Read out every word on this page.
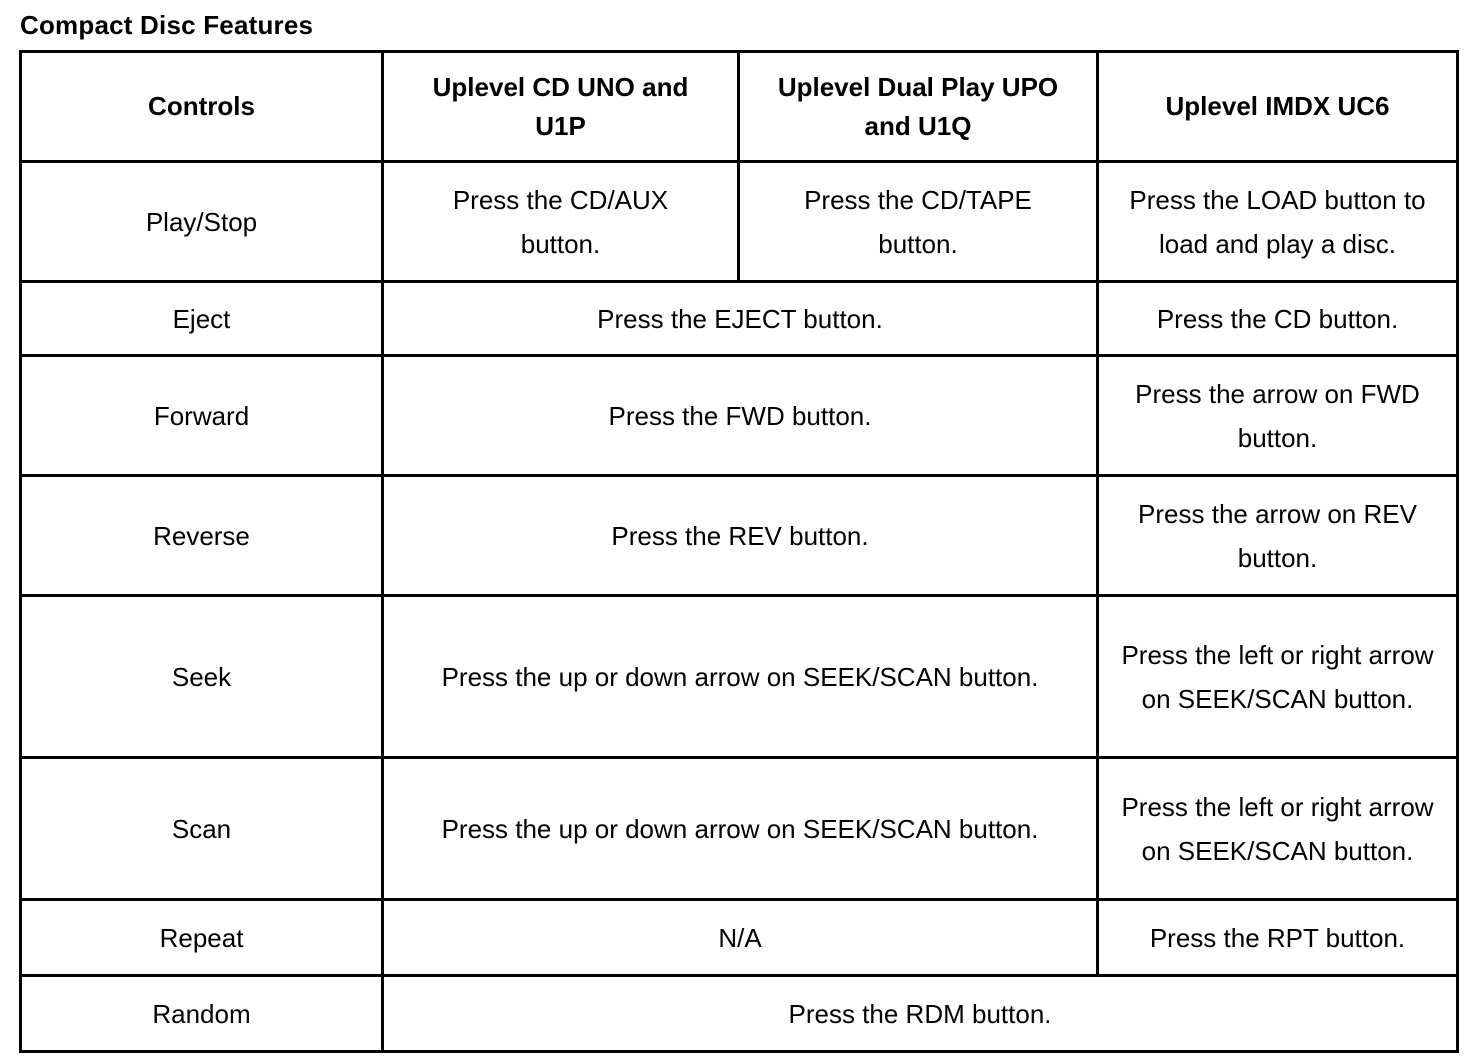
Compact Disc Features
Controls	Uplevel CD UNO and U1P	Uplevel Dual Play UPO and U1Q	Uplevel IMDX UC6
Play/Stop	Press the CD/AUX button.	Press the CD/TAPE button.	Press the LOAD button to load and play a disc.
Eject	Press the EJECT button.		Press the CD button.
Forward	Press the FWD button.		Press the arrow on FWD button.
Reverse	Press the REV button.		Press the arrow on REV button.
Seek	Press the up or down arrow on SEEK/SCAN button.		Press the left or right arrow on SEEK/SCAN button.
Scan	Press the up or down arrow on SEEK/SCAN button.		Press the left or right arrow on SEEK/SCAN button.
Repeat	N/A		Press the RPT button.
Random	Press the RDM button.		
